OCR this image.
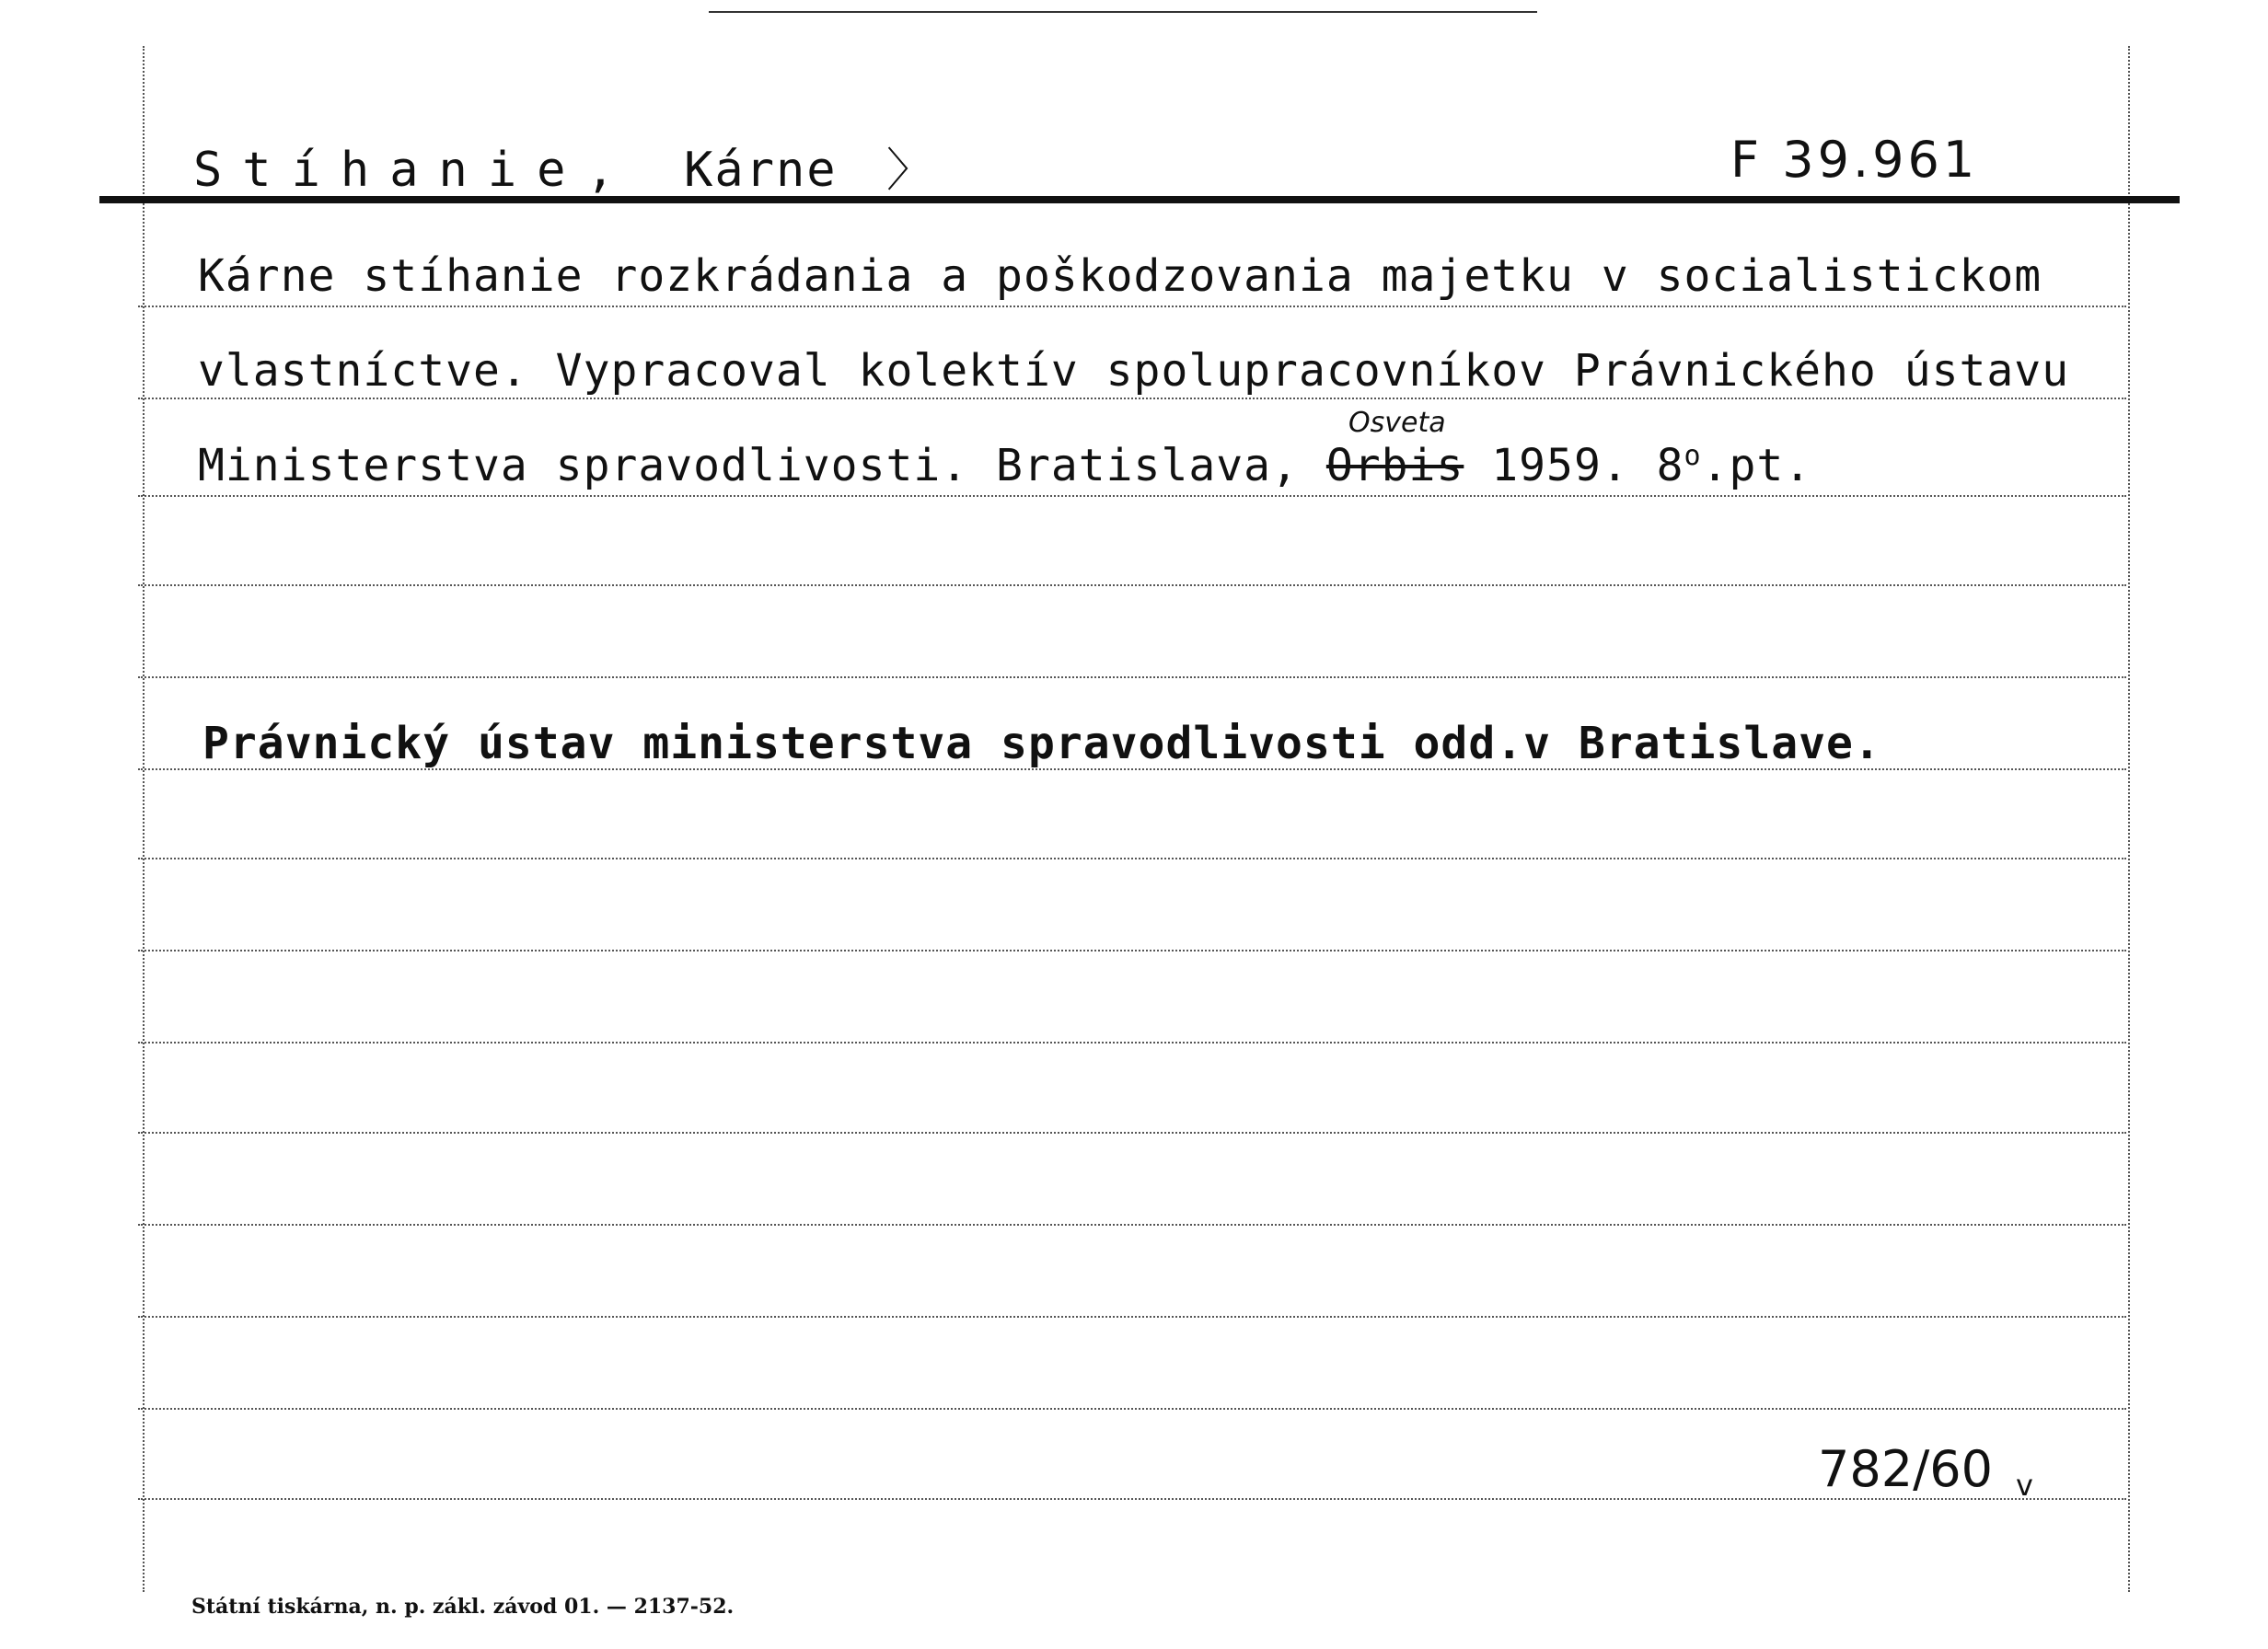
Stíhanie, Kárne 〉	F 39.961
Kárne stíhanie rozkrádania a poškodzovania majetku v socialistickom
vlastníctve. Vypracoval kolektív spolupracovníkov Právnického ústavu
Osveta
Ministerstva spravodlivosti. Bratislava, Orbis 1959. 8$^o$.pt.
Právnický ústav ministerstva spravodlivosti odd.v Bratislave.
782/60 v
Státní tiskárna, n. p. zákl. závod 01. — 2137-52.
